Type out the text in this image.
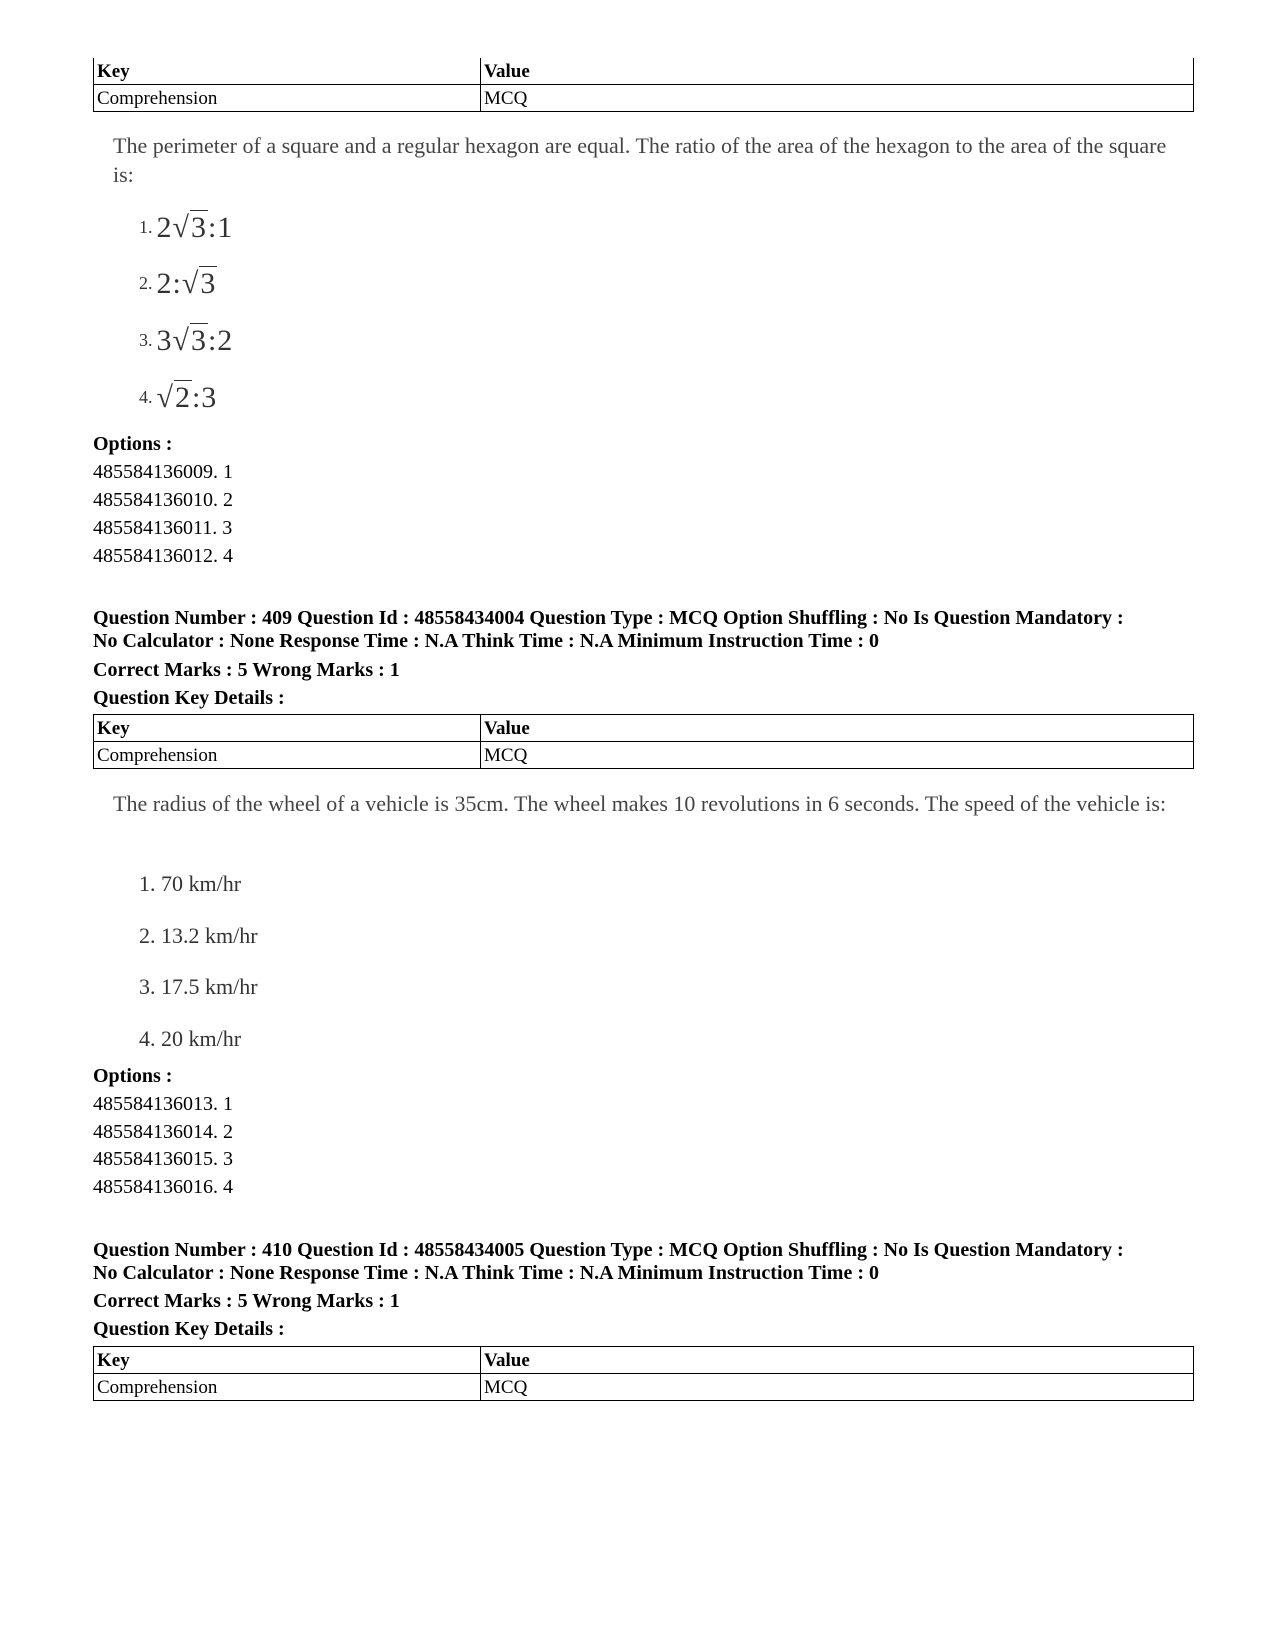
Key	Value
Comprehension	MCQ

The perimeter of a square and a regular hexagon are equal. The ratio of the area of the hexagon to the area of the square is:

$^{1.}$ 2√3:1
$^{2.}$ 2:√3
$^{3.}$ 3√3:2
$^{4.}$ √2:3
Options :
485584136009. 1
485584136010. 2
485584136011. 3
485584136012. 4
Question Number : 409 Question Id : 48558434004 Question Type : MCQ Option Shuffling : No Is Question Mandatory :
No Calculator : None Response Time : N.A Think Time : N.A Minimum Instruction Time : 0
Correct Marks : 5 Wrong Marks : 1
Question Key Details :
Key	Value
Comprehension	MCQ

The radius of the wheel of a vehicle is 35cm. The wheel makes 10 revolutions in 6 seconds. The speed of the vehicle is:

1. 70 km/hr
2. 13.2 km/hr
3. 17.5 km/hr
4. 20 km/hr
Options :
485584136013. 1
485584136014. 2
485584136015. 3
485584136016. 4
Question Number : 410 Question Id : 48558434005 Question Type : MCQ Option Shuffling : No Is Question Mandatory :
No Calculator : None Response Time : N.A Think Time : N.A Minimum Instruction Time : 0
Correct Marks : 5 Wrong Marks : 1
Question Key Details :
Key	Value
Comprehension	MCQ
